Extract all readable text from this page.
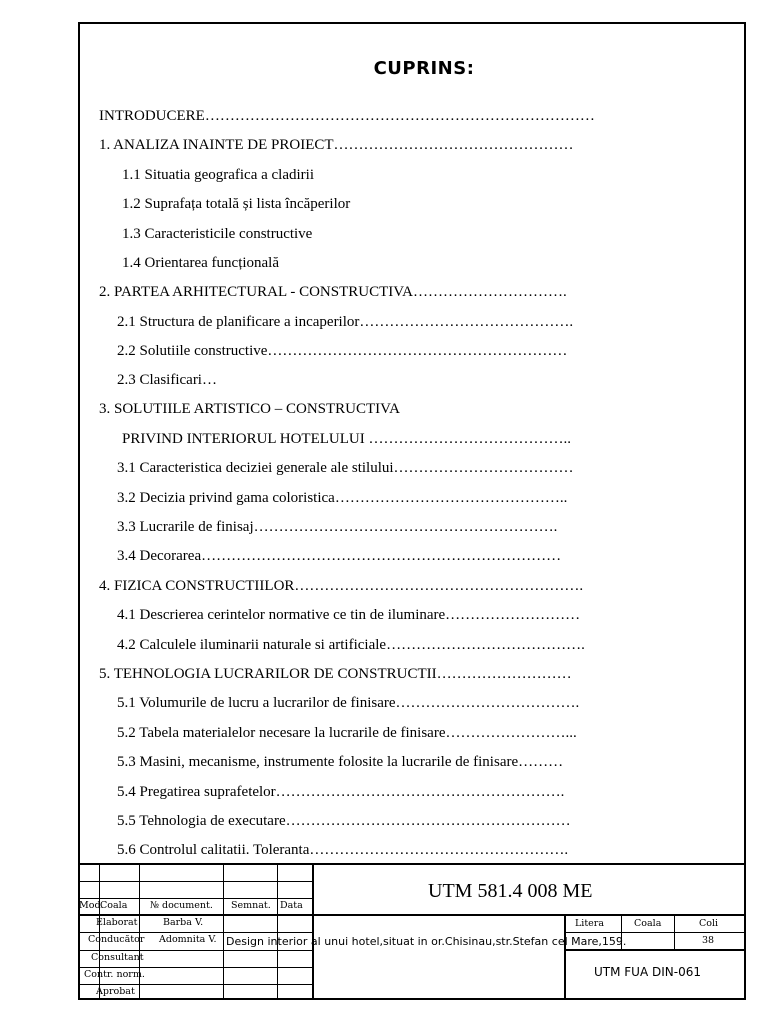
CUPRINS:
INTRODUCERE……………………………………………………………………
1. ANALIZA INAINTE DE PROIECT…………………………………………
1.1 Situatia geografica a cladirii
1.2 Suprafața totală și lista încăperilor
1.3 Caracteristicile constructive
1.4 Orientarea funcțională
2. PARTEA ARHITECTURAL - CONSTRUCTIVA………………………….
2.1 Structura de planificare a incaperilor…………………………………….
2.2 Solutiile constructive……………………………………………………
2.3 Clasificari…
3. SOLUTIILE ARTISTICO – CONSTRUCTIVA
PRIVIND INTERIORUL HOTELULUI …………………………………..
3.1 Caracteristica deciziei generale ale stilului………………………………
3.2 Decizia privind gama coloristica………………………………………..
3.3 Lucrarile de finisaj…………………………………………………….
3.4 Decorarea………………………………………………………………
4. FIZICA CONSTRUCTIILOR………………………………………………….
4.1 Descrierea cerintelor normative ce tin de iluminare………………………
4.2 Calculele iluminarii naturale si artificiale………………………………….
5. TEHNOLOGIA LUCRARILOR DE CONSTRUCTII………………………
5.1 Volumurile de lucru a lucrarilor de finisare……………………………….
5.2 Tabela materialelor necesare la lucrarile de finisare……………………...
5.3 Masini, mecanisme, instrumente folosite la lucrarile de finisare………
5.4 Pregatirea suprafetelor………………………………………………….
5.5 Tehnologia de executare…………………………………………………
5.6 Controlul calitatii. Toleranta…………………………………………….
Mod.
Coala № document. Semnat. Data
Elaborat
Conducător
Consultant
Contr. norm.
Aprobat
Barba V.
Adomnita V.
UTM 581.4 008 ME
Design interior al unui hotel,situat in or.Chisinau,str.Stefan cel Mare,159.
Litera	Coala	Coli
38
UTM FUA DIN-061
